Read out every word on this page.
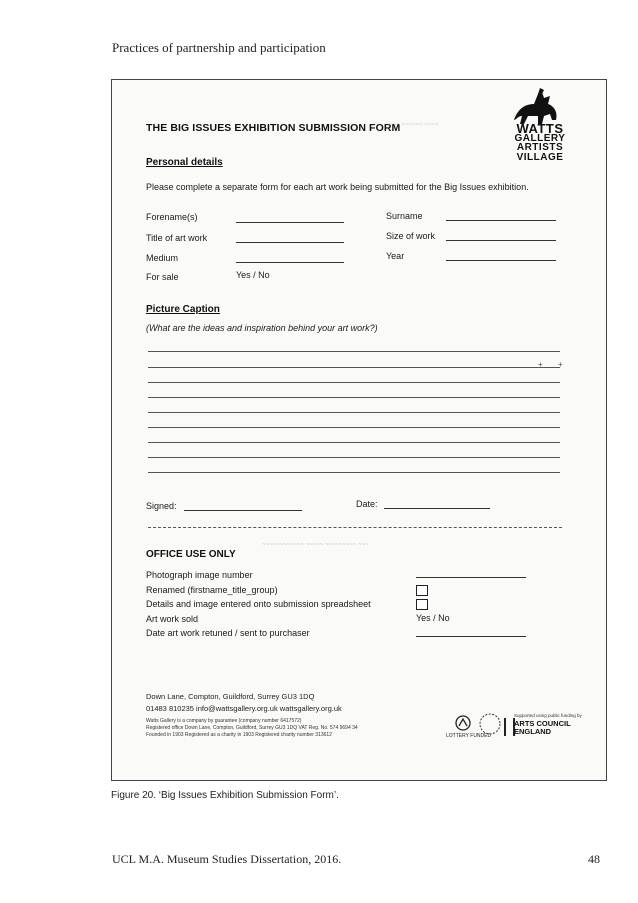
Practices of partnership and participation
WATTS
GALLERY
ARTISTS
VILLAGE
THE BIG ISSUES EXHIBITION SUBMISSION FORM
~~~~ ~~~~~~ ~~~~
Personal details
Please complete a separate form for each art work being submitted for the Big Issues exhibition.
Forename(s)	Surname
Title of art work	Size of work
Medium	Year
For sale	Yes / No
Picture Caption
(What are the ideas and inspiration behind your art work?)
+ +
Signed:	Date:
~~~~~~~~~~~~ ~~~~~ ~~~~~~~~~ ~~~
OFFICE USE ONLY
Photograph image number
Renamed (firstname_title_group)
Details and image entered onto submission spreadsheet
Art work sold	Yes / No
Date art work retuned / sent to purchaser
Down Lane, Compton, Guildford, Surrey GU3 1DQ
01483 810235 info@wattsgallery.org.uk wattsgallery.org.uk
Watts Gallery is a company by guarantee (company number 6417572)
Registered office Down Lane, Compton, Guildford, Surrey GU3 1DQ VAT Reg. No. 574 9694 34
Founded in 1903 Registered as a charity in 1903 Registered charity number 313612	LOTTERY FUNDED
Supported using public funding by
ARTS COUNCIL
ENGLAND
Figure 20. ‘Big Issues Exhibition Submission Form’.
UCL M.A. Museum Studies Dissertation, 2016.	48
